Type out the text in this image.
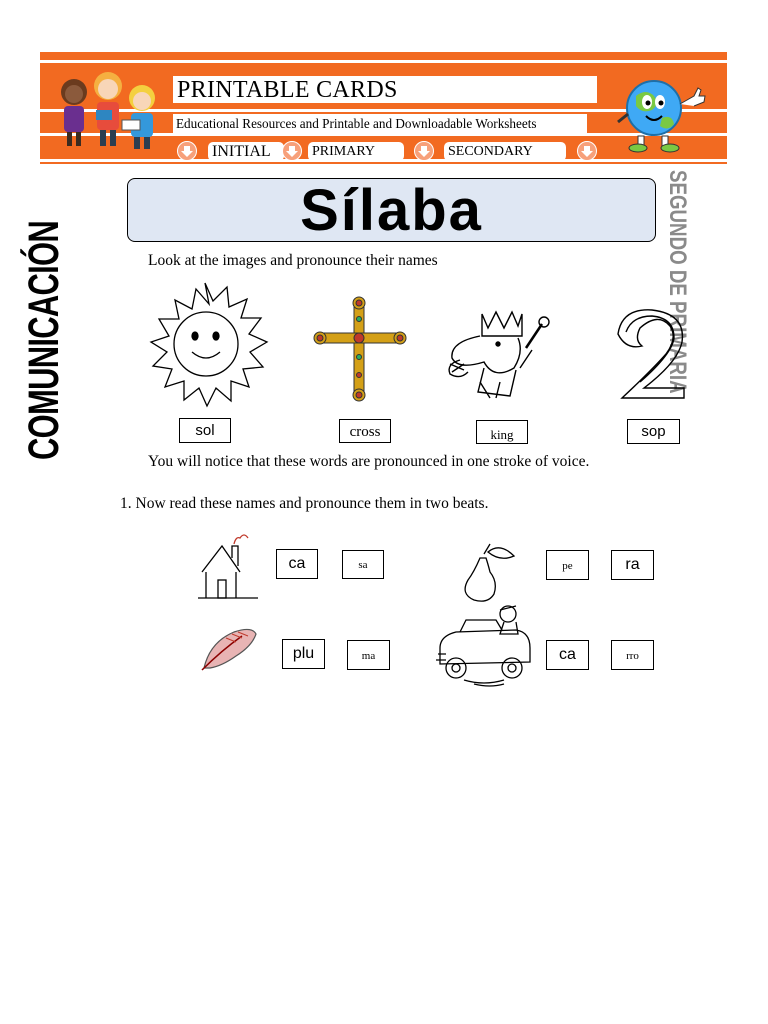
PRINTABLE CARDS
Educational Resources and Printable and Downloadable Worksheets
INITIAL	PRIMARY	SECONDARY
COMUNICACIÓN	SEGUNDO DE PRIMARIA
Sílaba
Look at the images and pronounce their names
sol	cross	king	sop
You will notice that these words are pronounced in one stroke of voice.
1. Now read these names and pronounce them in two beats.
ca	sa	pe	ra
plu	ma	ca	rro
